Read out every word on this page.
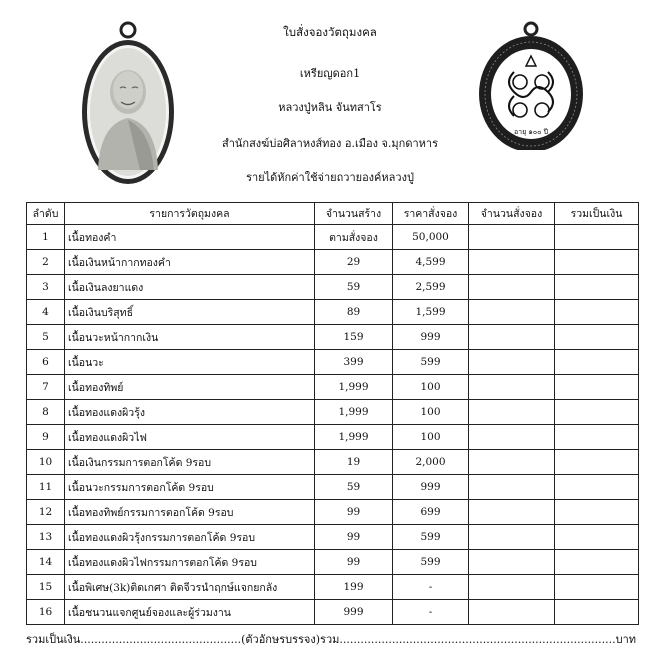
ใบสั่งจองวัตถุมงคล
เหรียญดอก1
หลวงปู่หลิน จันทสาโร
สำนักสงฆ์บ่อศิลาหงส์ทอง อ.เมือง จ.มุกดาหาร
รายได้หักค่าใช้จ่ายถวายองค์หลวงปู่
อายุ ๑๐๐ ปี
ลำดับ	รายการวัตถุมงคล	จำนวนสร้าง	ราคาสั่งจอง	จำนวนสั่งจอง	รวมเป็นเงิน
1	เนื้อทองคำ	ตามสั่งจอง	50,000		
2	เนื้อเงินหน้ากากทองคำ	29	4,599		
3	เนื้อเงินลงยาแดง	59	2,599		
4	เนื้อเงินบริสุทธิ์	89	1,599		
5	เนื้อนวะหน้ากากเงิน	159	999		
6	เนื้อนวะ	399	599		
7	เนื้อทองทิพย์	1,999	100		
8	เนื้อทองแดงผิวรุ้ง	1,999	100		
9	เนื้อทองแดงผิวไฟ	1,999	100		
10	เนื้อเงินกรรมการตอกโค้ด 9รอบ	19	2,000		
11	เนื้อนวะกรรมการตอกโค้ด 9รอบ	59	999		
12	เนื้อทองทิพย์กรรมการตอกโค้ด 9รอบ	99	699		
13	เนื้อทองแดงผิวรุ้งกรรมการตอกโค้ด 9รอบ	99	599		
14	เนื้อทองแดงผิวไฟกรรมการตอกโค้ด 9รอบ	99	599		
15	เนื้อพิเศษ(3k)ติดเกศา ติดจีวรนำฤกษ์แจกยกลัง	199	-		
16	เนื้อชนวนแจกศูนย์จองและผู้ร่วมงาน	999	-		
รวมเป็นเงิน..............................................(ตัวอักษรบรรจง)รวม...............................................................................บาท
